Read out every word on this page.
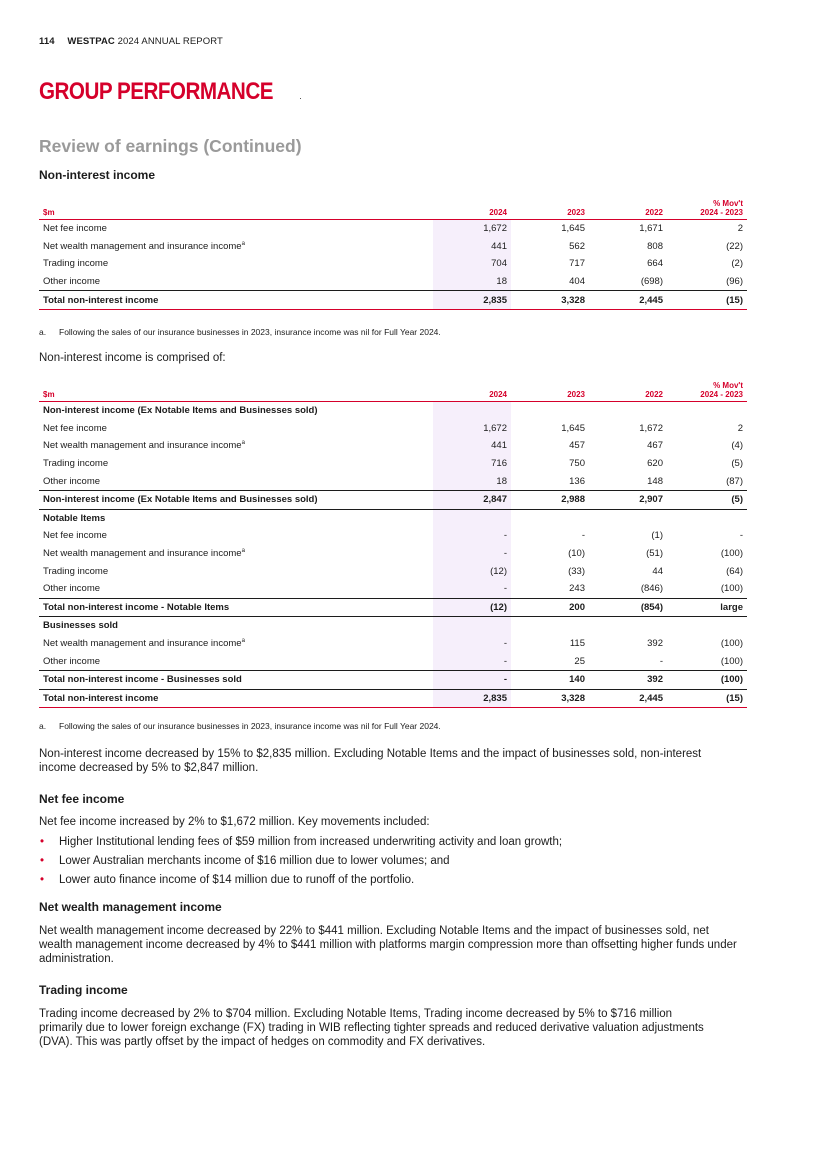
114 WESTPAC 2024 ANNUAL REPORT
GROUP PERFORMANCE
Review of earnings (Continued)
Non-interest income
$m	2024	2023	2022	% Mov't
2024 - 2023
Net fee income	1,672	1,645	1,671	2
Net wealth management and insurance income$^a$	441	562	808	(22)
Trading income	704	717	664	(2)
Other income	18	404	(698)	(96)
Total non-interest income	2,835	3,328	2,445	(15)
a. Following the sales of our insurance businesses in 2023, insurance income was nil for Full Year 2024.
Non-interest income is comprised of:
$m	2024	2023	2022	% Mov't
2024 - 2023
Non-interest income (Ex Notable Items and Businesses sold)				
Net fee income	1,672	1,645	1,672	2
Net wealth management and insurance income$^a$	441	457	467	(4)
Trading income	716	750	620	(5)
Other income	18	136	148	(87)
Non-interest income (Ex Notable Items and Businesses sold)	2,847	2,988	2,907	(5)
Notable Items				
Net fee income	-	-	(1)	-
Net wealth management and insurance income$^a$	-	(10)	(51)	(100)
Trading income	(12)	(33)	44	(64)
Other income	-	243	(846)	(100)
Total non-interest income - Notable Items	(12)	200	(854)	large
Businesses sold				
Net wealth management and insurance income$^a$	-	115	392	(100)
Other income	-	25	-	(100)
Total non-interest income - Businesses sold	-	140	392	(100)
Total non-interest income	2,835	3,328	2,445	(15)
a. Following the sales of our insurance businesses in 2023, insurance income was nil for Full Year 2024.
Non-interest income decreased by 15% to $2,835 million. Excluding Notable Items and the impact of businesses sold, non-interest income decreased by 5% to $2,847 million.
Net fee income
Net fee income increased by 2% to $1,672 million. Key movements included:
• Higher Institutional lending fees of $59 million from increased underwriting activity and loan growth;
• Lower Australian merchants income of $16 million due to lower volumes; and
• Lower auto finance income of $14 million due to runoff of the portfolio.
Net wealth management income
Net wealth management income decreased by 22% to $441 million. Excluding Notable Items and the impact of businesses sold, net wealth management income decreased by 4% to $441 million with platforms margin compression more than offsetting higher funds under administration.
Trading income
Trading income decreased by 2% to $704 million. Excluding Notable Items, Trading income decreased by 5% to $716 million primarily due to lower foreign exchange (FX) trading in WIB reflecting tighter spreads and reduced derivative valuation adjustments (DVA). This was partly offset by the impact of hedges on commodity and FX derivatives.
